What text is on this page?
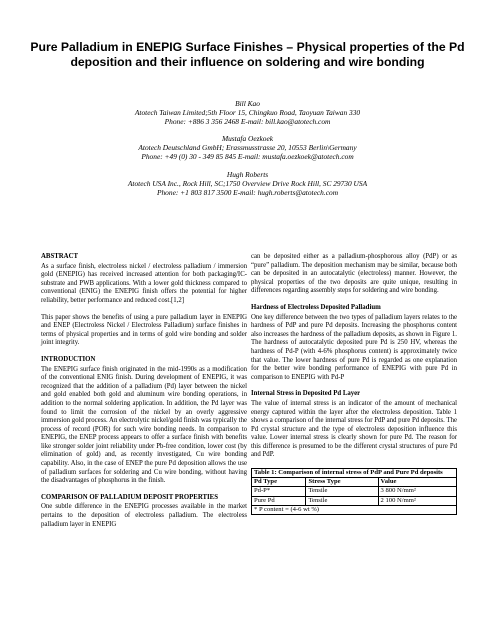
Pure Palladium in ENEPIG Surface Finishes – Physical properties of the Pd deposition and their influence on soldering and wire bonding
Bill Kao
Atotech Taiwan Limited;5th Floor 15, Chingkuo Road, Taoyuan Taiwan 330
Phone: +886 3 356 2468 E-mail: bill.kao@atotech.com
Mustafa Oezkoek
Atotech Deutschland GmbH; Erassmusstrasse 20, 10553 Berlin\Germany
Phone: +49 (0) 30 - 349 85 845 E-mail: mustafa.oezkoek@atotech.com
Hugh Roberts
Atotech USA Inc., Rock Hill, SC;1750 Overview Drive Rock Hill, SC 29730 USA
Phone: +1 803 817 3500 E-mail: hugh.roberts@atotech.com
ABSTRACT

As a surface finish, electroless nickel / electroless palladium / immersion gold (ENEPIG) has received increased attention for both packaging/IC-substrate and PWB applications. With a lower gold thickness compared to conventional (ENIG) the ENEPIG finish offers the potential for higher reliability, better performance and reduced cost.[1,2]

This paper shows the benefits of using a pure palladium layer in ENEPIG and ENEP (Electroless Nickel / Electroless Palladium) surface finishes in terms of physical properties and in terms of gold wire bonding and solder joint integrity.

INTRODUCTION

The ENEPIG surface finish originated in the mid-1990s as a modification of the conventional ENIG finish. During development of ENEPIG, it was recognized that the addition of a palladium (Pd) layer between the nickel and gold enabled both gold and aluminum wire bonding operations, in addition to the normal soldering application. In addition, the Pd layer was found to limit the corrosion of the nickel by an overly aggressive immersion gold process. An electrolytic nickel/gold finish was typically the process of record (POR) for such wire bonding needs. In comparison to ENEPIG, the ENEP process appears to offer a surface finish with benefits like stronger solder joint reliability under Pb-free condition, lower cost (by elimination of gold) and, as recently investigated, Cu wire bonding capability. Also, in the case of ENEP the pure Pd deposition allows the use of palladium surfaces for soldering and Cu wire bonding, without having the disadvantages of phosphorus in the finish.

COMPARISON OF PALLADIUM DEPOSIT PROPERTIES

One subtle difference in the ENEPIG processes available in the market pertains to the deposition of electroless palladium. The electroless palladium layer in ENEPIG

can be deposited either as a palladium-phosphorous alloy (PdP) or as “pure” palladium. The deposition mechanism may be similar, because both can be deposited in an autocatalytic (electroless) manner. However, the physical properties of the two deposits are quite unique, resulting in differences regarding assembly steps for soldering and wire bonding.

Hardness of Electroless Deposited Palladium

One key difference between the two types of palladium layers relates to the hardness of PdP and pure Pd deposits. Increasing the phosphorus content also increases the hardness of the palladium deposits, as shown in Figure 1. The hardness of autocatalytic deposited pure Pd is 250 HV, whereas the hardness of Pd-P (with 4-6% phosphorus content) is approximately twice that value. The lower hardness of pure Pd is regarded as one explanation for the better wire bonding performance of ENEPIG with pure Pd in comparison to ENEPIG with Pd-P

Internal Stress in Deposited Pd Layer

The value of internal stress is an indicator of the amount of mechanical energy captured within the layer after the electroless deposition. Table 1 shows a comparison of the internal stress for PdP and pure Pd deposits. The Pd crystal structure and the type of electroless deposition influence this value. Lower internal stress is clearly shown for pure Pd. The reason for this difference is presumed to be the different crystal structures of pure Pd and PdP.

Table 1: Comparison of internal stress of PdP and Pure Pd deposits		
Pd Type	Stress Type	Value
Pd-P*	Tensile	3 800 N/mm²
Pure Pd	Tensile	2 100 N/mm²
* P content = (4-6 wt %)		
